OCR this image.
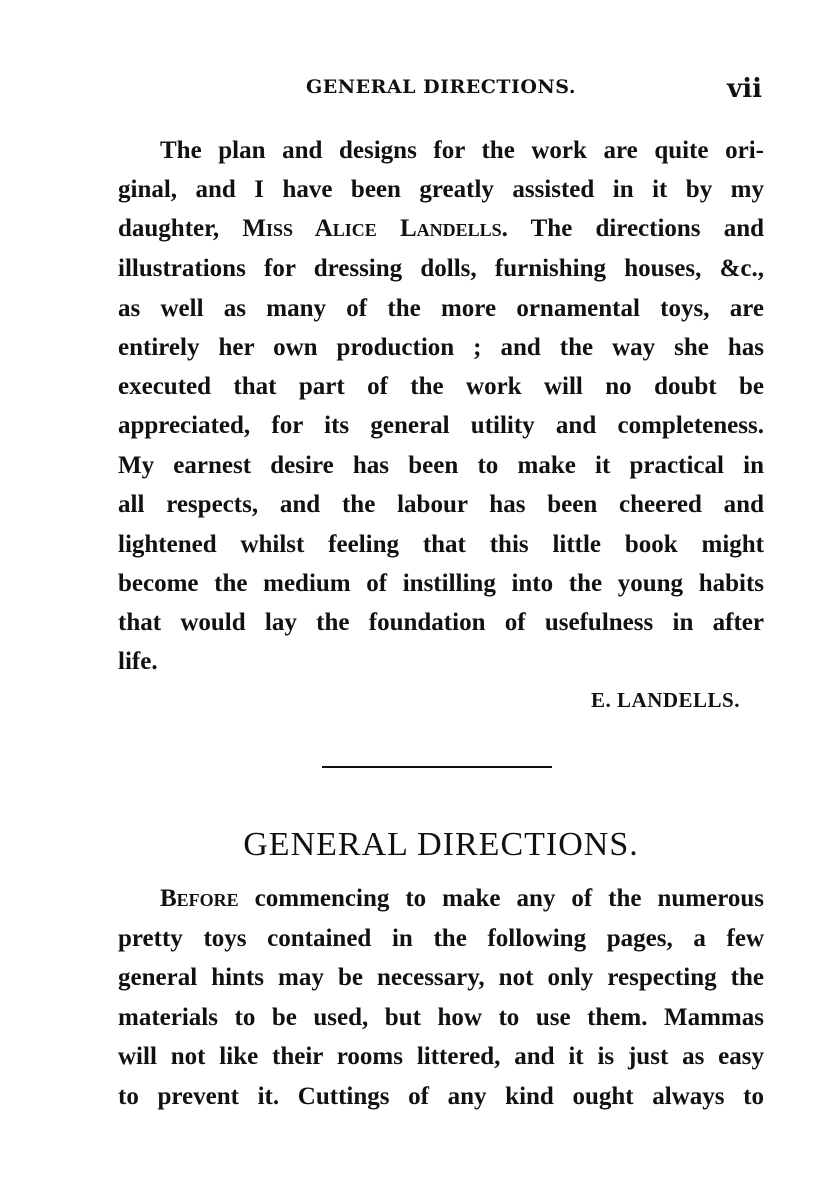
GENERAL DIRECTIONS.	vii
The plan and designs for the work are quite ori-
ginal, and I have been greatly assisted in it by my
daughter, Miss Alice Landells. The directions and
illustrations for dressing dolls, furnishing houses, &c.,
as well as many of the more ornamental toys, are
entirely her own production ; and the way she has
executed that part of the work will no doubt be
appreciated, for its general utility and completeness.
My earnest desire has been to make it practical in
all respects, and the labour has been cheered and
lightened whilst feeling that this little book might
become the medium of instilling into the young habits
that would lay the foundation of usefulness in after
life.
E. LANDELLS.
GENERAL DIRECTIONS.
Before commencing to make any of the numerous
pretty toys contained in the following pages, a few
general hints may be necessary, not only respecting the
materials to be used, but how to use them. Mammas
will not like their rooms littered, and it is just as easy
to prevent it. Cuttings of any kind ought always to
